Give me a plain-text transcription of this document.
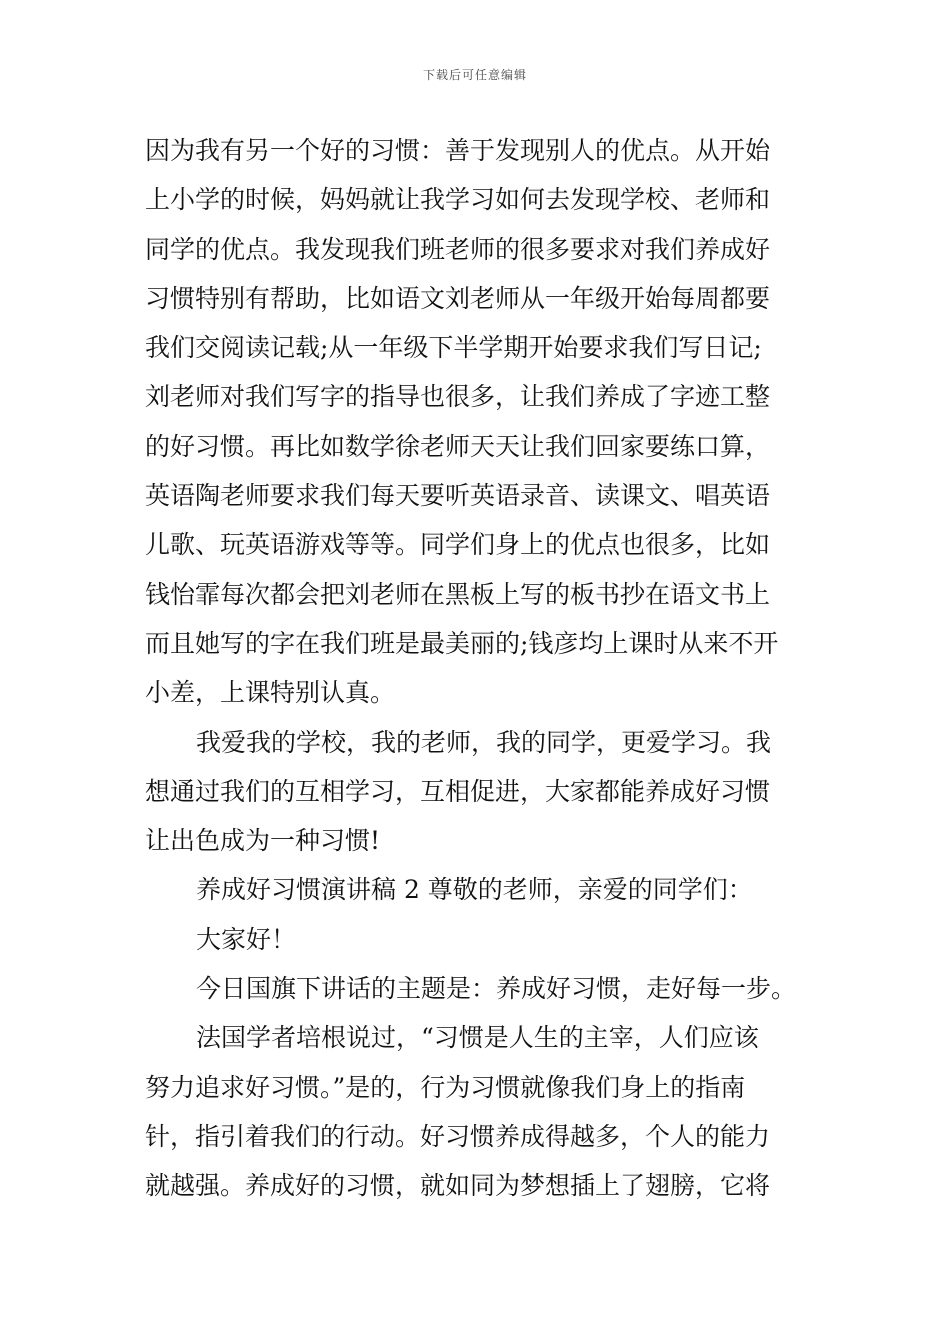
下载后可任意编辑
因为我有另一个好的习惯：善于发现别人的优点。从开始
上小学的时候，妈妈就让我学习如何去发现学校、老师和
同学的优点。我发现我们班老师的很多要求对我们养成好
习惯特别有帮助，比如语文刘老师从一年级开始每周都要
我们交阅读记载;从一年级下半学期开始要求我们写日记;
刘老师对我们写字的指导也很多，让我们养成了字迹工整
的好习惯。再比如数学徐老师天天让我们回家要练口算，
英语陶老师要求我们每天要听英语录音、读课文、唱英语
儿歌、玩英语游戏等等。同学们身上的优点也很多，比如
钱怡霏每次都会把刘老师在黑板上写的板书抄在语文书上
而且她写的字在我们班是最美丽的;钱彦均上课时从来不开
小差，上课特别认真。
我爱我的学校，我的老师，我的同学，更爱学习。我
想通过我们的互相学习，互相促进，大家都能养成好习惯
让出色成为一种习惯!
养成好习惯演讲稿 2 尊敬的老师，亲爱的同学们：
大家好！
今日国旗下讲话的主题是：养成好习惯，走好每一步。
法国学者培根说过，“习惯是人生的主宰，人们应该
努力追求好习惯。”是的，行为习惯就像我们身上的指南
针，指引着我们的行动。好习惯养成得越多，个人的能力
就越强。养成好的习惯，就如同为梦想插上了翅膀，它将
